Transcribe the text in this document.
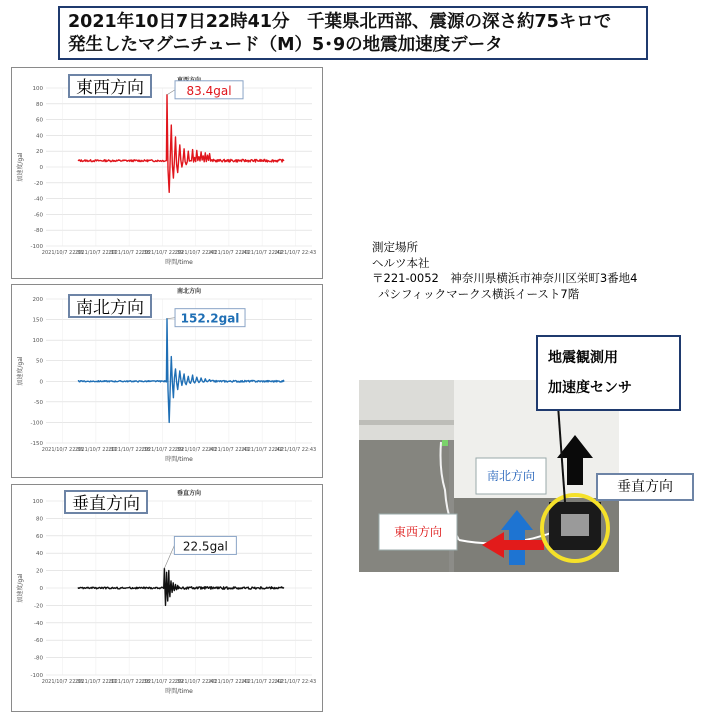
2021年10日7日22時41分　千葉県北西部、震源の深さ約75キロで
発生したマグニチュード（M）5･9の地震加速度データ
100
80
60
40
20
0
-20
-40
-60
-80
-100
2021/10/7 22:36
2021/10/7 22:37
2021/10/7 22:38
2021/10/7 22:39
2021/10/7 22:40
2021/10/7 22:41
2021/10/7 22:42
2021/10/7 22:43
時間/time
加速度/gal
83.4gal
東西方向
南北方向
200
150
100
50
0
-50
-100
-150
2021/10/7 22:36
2021/10/7 22:37
2021/10/7 22:38
2021/10/7 22:39
2021/10/7 22:40
2021/10/7 22:41
2021/10/7 22:42
2021/10/7 22:43
時間/time
加速度/gal
152.2gal
南北方向
垂直方向
100
80
60
40
20
0
-20
-40
-60
-80
-100
2021/10/7 22:36
2021/10/7 22:37
2021/10/7 22:38
2021/10/7 22:39
2021/10/7 22:40
2021/10/7 22:41
2021/10/7 22:42
2021/10/7 22:43
時間/time
加速度/gal
22.5gal
垂直方向
測定場所
ヘルツ本社
〒221-0052　神奈川県横浜市神奈川区栄町3番地4
パシフィックマークス横浜イースト7階
南北方向
東西方向
地震観測用
加速度センサ
垂直方向
